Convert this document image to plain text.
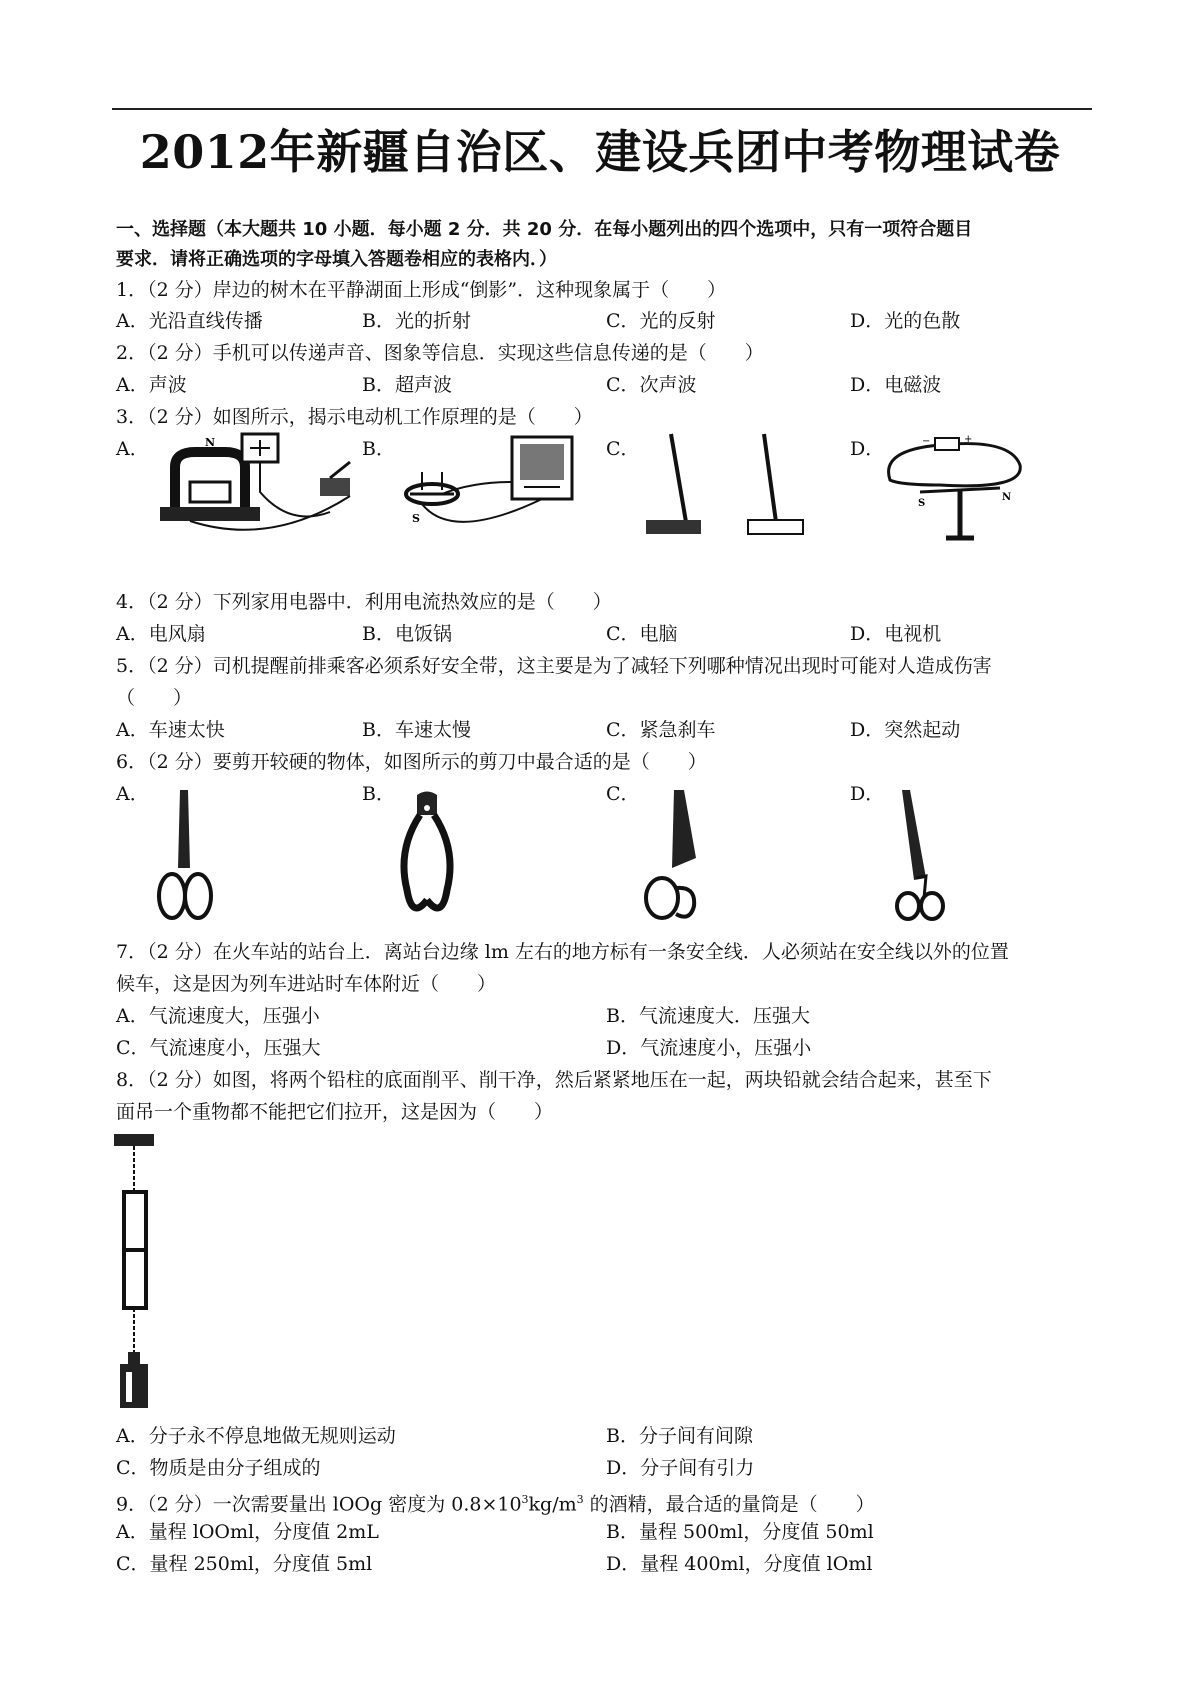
2012年新疆自治区、建设兵团中考物理试卷
一、选择题（本大题共 10 小题．每小题 2 分．共 20 分．在每小题列出的四个选项中，只有一项符合题目
要求．请将正确选项的字母填入答题卷相应的表格内．）
1．（2 分）岸边的树木在平静湖面上形成“倒影”．这种现象属于（　　）
A．光沿直线传播	B．光的折射	C．光的反射	D．光的色散
2．（2 分）手机可以传递声音、图象等信息．实现这些信息传递的是（　　）
A．声波	B．超声波	C．次声波	D．电磁波
3．（2 分）如图所示，揭示电动机工作原理的是（　　）
A．	B．	C．	D．
N
S
−	+
S
N
4．（2 分）下列家用电器中．利用电流热效应的是（　　）
A．电风扇	B．电饭锅	C．电脑	D．电视机
5．（2 分）司机提醒前排乘客必须系好安全带，这主要是为了减轻下列哪种情况出现时可能对人造成伤害
（　　）
A．车速太快	B．车速太慢	C．紧急刹车	D．突然起动
6．（2 分）要剪开较硬的物体，如图所示的剪刀中最合适的是（　　）
A．	B．	C．	D．
7．（2 分）在火车站的站台上．离站台边缘 lm 左右的地方标有一条安全线．人必须站在安全线以外的位置
候车，这是因为列车进站时车体附近（　　）
A．气流速度大，压强小	B．气流速度大．压强大
C．气流速度小，压强大	D．气流速度小，压强小
8．（2 分）如图，将两个铅柱的底面削平、削干净，然后紧紧地压在一起，两块铅就会结合起来，甚至下
面吊一个重物都不能把它们拉开，这是因为（　　）
A．分子永不停息地做无规则运动	B．分子间有间隙
C．物质是由分子组成的	D．分子间有引力
9．（2 分）一次需要量出 lOOg 密度为 $0.8\times 10^3kg/m^3$ 的酒精，最合适的量筒是（　　）
A．量程 lOOml，分度值 2mL	B．量程 500ml，分度值 50ml
C．量程 250ml，分度值 5ml	D．量程 400ml，分度值 lOml
